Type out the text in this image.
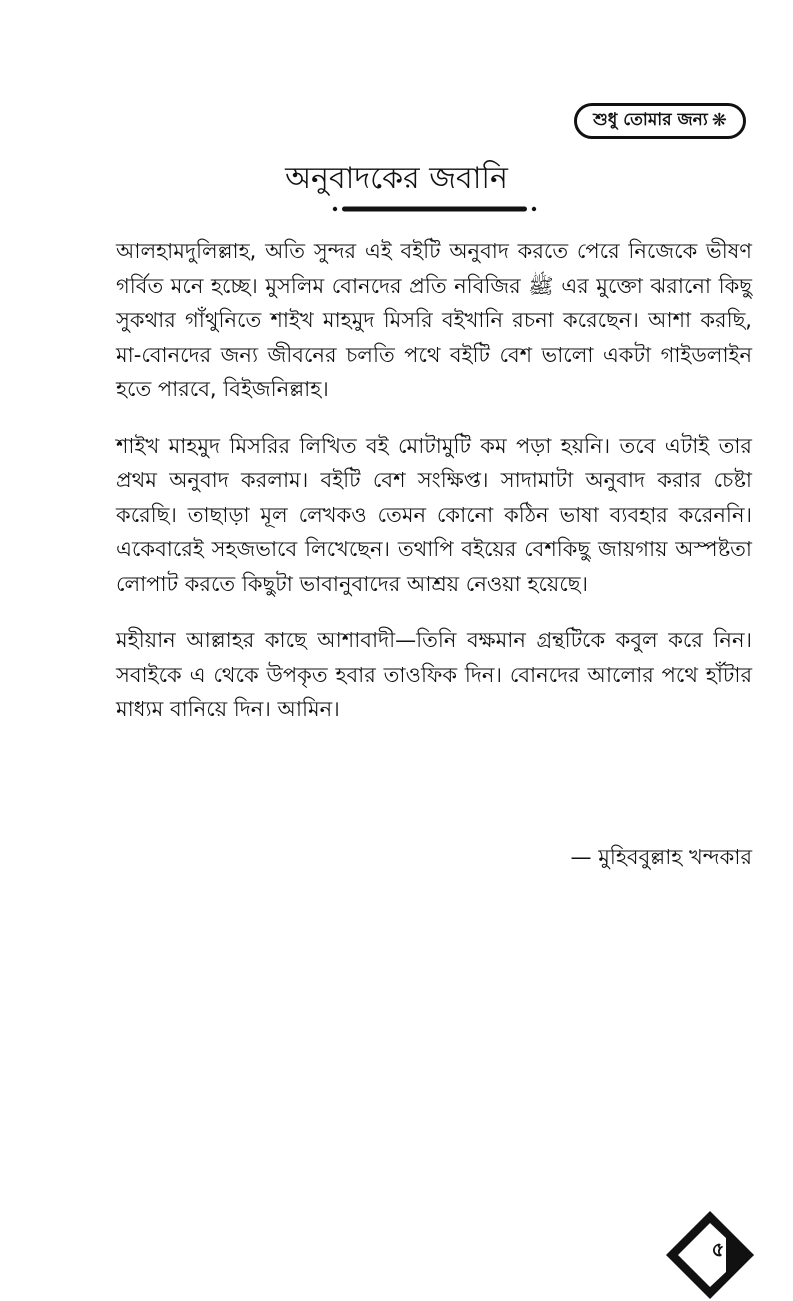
শুধু তোমার জন্য ❋
অনুবাদকের জবানি

আলহামদুলিল্লাহ, অতি সুন্দর এই বইটি অনুবাদ করতে পেরে নিজেকে ভীষণ গর্বিত মনে হচ্ছে। মুসলিম বোনদের প্রতি নবিজির ﷺ এর মুক্তো ঝরানো কিছু সুকথার গাঁথুনিতে শাইখ মাহমুদ মিসরি বইখানি রচনা করেছেন। আশা করছি, মা-বোনদের জন্য জীবনের চলতি পথে বইটি বেশ ভালো একটা গাইডলাইন হতে পারবে, বিইজনিল্লাহ।

শাইখ মাহমুদ মিসরির লিখিত বই মোটামুটি কম পড়া হয়নি। তবে এটাই তার প্রথম অনুবাদ করলাম। বইটি বেশ সংক্ষিপ্ত। সাদামাটা অনুবাদ করার চেষ্টা করেছি। তাছাড়া মূল লেখকও তেমন কোনো কঠিন ভাষা ব্যবহার করেননি। একেবারেই সহজভাবে লিখেছেন। তথাপি বইয়ের বেশকিছু জায়গায় অস্পষ্টতা লোপাট করতে কিছুটা ভাবানুবাদের আশ্রয় নেওয়া হয়েছে।

মহীয়ান আল্লাহর কাছে আশাবাদী—তিনি বক্ষমান গ্রন্থটিকে কবুল করে নিন। সবাইকে এ থেকে উপকৃত হবার তাওফিক দিন। বোনদের আলোর পথে হাঁটার মাধ্যম বানিয়ে দিন। আমিন।

— মুহিববুল্লাহ খন্দকার
৫
